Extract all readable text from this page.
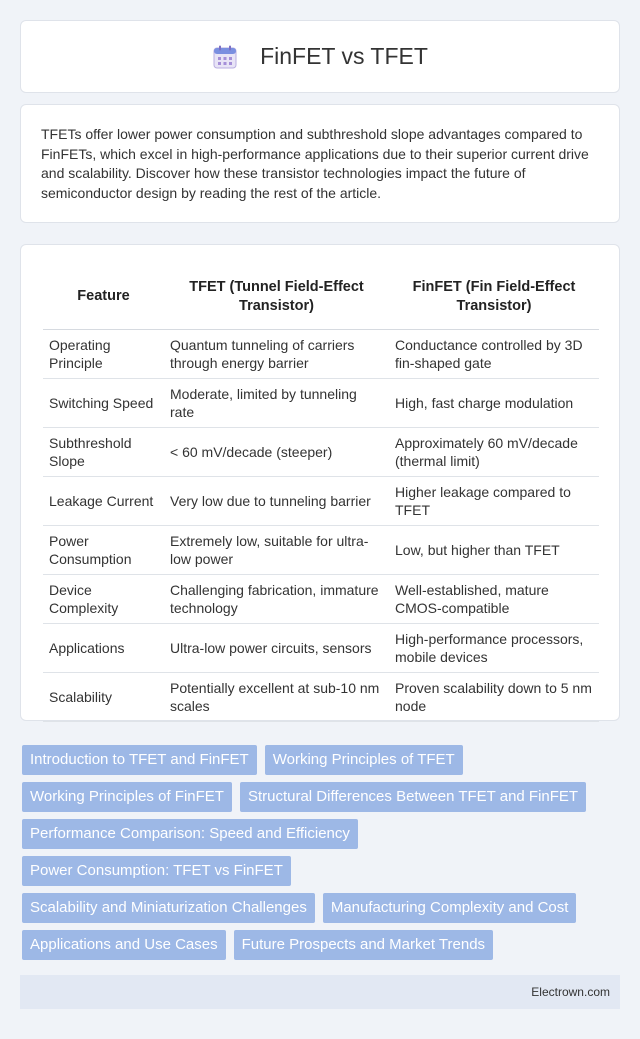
FinFET vs TFET

TFETs offer lower power consumption and subthreshold slope advantages compared to FinFETs, which excel in high-performance applications due to their superior current drive and scalability. Discover how these transistor technologies impact the future of semiconductor design by reading the rest of the article.

Feature	TFET (Tunnel Field-Effect Transistor)	FinFET (Fin Field-Effect Transistor)
Operating Principle	Quantum tunneling of carriers through energy barrier	Conductance controlled by 3D fin-shaped gate
Switching Speed	Moderate, limited by tunneling rate	High, fast charge modulation
Subthreshold Slope	< 60 mV/decade (steeper)	Approximately 60 mV/decade (thermal limit)
Leakage Current	Very low due to tunneling barrier	Higher leakage compared to TFET
Power Consumption	Extremely low, suitable for ultra-low power	Low, but higher than TFET
Device Complexity	Challenging fabrication, immature technology	Well-established, mature CMOS-compatible
Applications	Ultra-low power circuits, sensors	High-performance processors, mobile devices
Scalability	Potentially excellent at sub-10 nm scales	Proven scalability down to 5 nm node
Introduction to TFET and FinFET	Working Principles of TFET
Working Principles of FinFET	Structural Differences Between TFET and FinFET
Performance Comparison: Speed and Efficiency
Power Consumption: TFET vs FinFET
Scalability and Miniaturization Challenges	Manufacturing Complexity and Cost
Applications and Use Cases	Future Prospects and Market Trends
Electrown.com
